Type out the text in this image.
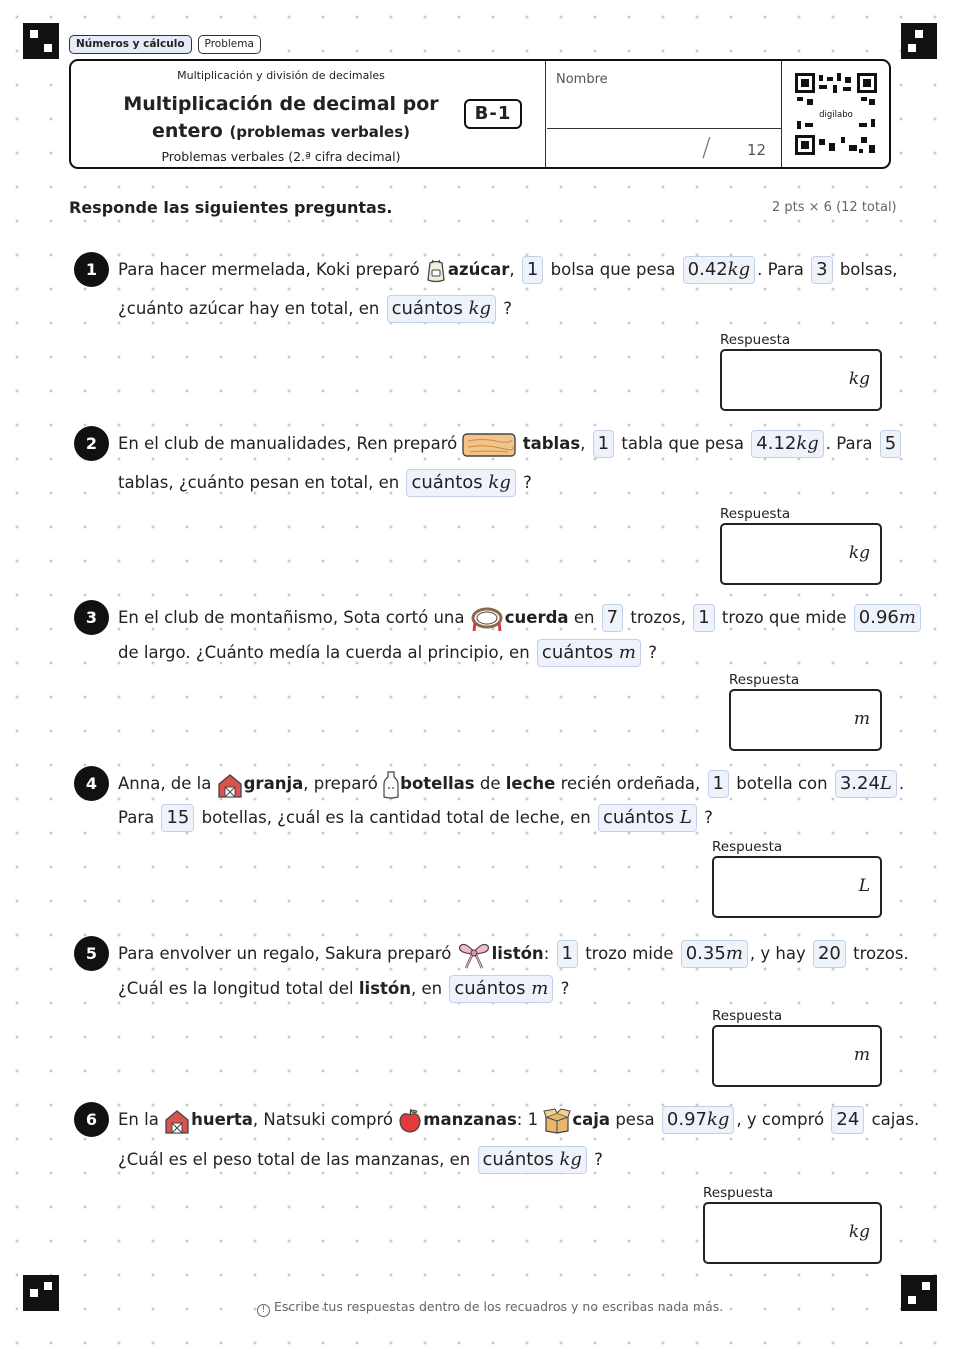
Números y cálculo	Problema
Multiplicación y división de decimales
Multiplicación de decimal por
entero (problemas verbales)
Problemas verbales (2.ª cifra decimal)
B-1
Nombre
/ 12
digilabo
Responde las siguientes preguntas.	2 pts × 6 (12 total)
1	Para hacer mermelada, Koki preparó azúcar, 1 bolsa que pesa 0.42kg . Para 3 bolsas,
¿cuánto azúcar hay en total, en cuántos kg ?
Respuesta
kg
2	En el club de manualidades, Ren preparó	tablas, 1 tabla que pesa 4.12kg . Para 5
tablas, ¿cuánto pesan en total, en cuántos kg ?
Respuesta
kg
3	En el club de montañismo, Sota cortó una cuerda en 7 trozos, 1 trozo que mide 0.96m
de largo. ¿Cuánto medía la cuerda al principio, en cuántos m ?
Respuesta
m
4	Anna, de la granja, preparó botellas de leche recién ordeñada, 1 botella con 3.24L .
Para 15 botellas, ¿cuál es la cantidad total de leche, en cuántos L ?
Respuesta
L
5	Para envolver un regalo, Sakura preparó listón: 1 trozo mide 0.35m , y hay 20 trozos.
¿Cuál es la longitud total del listón, en cuántos m ?
Respuesta
m
6	En la huerta, Natsuki compró manzanas: 1 caja pesa 0.97kg , y compró 24 cajas.
¿Cuál es el peso total de las manzanas, en cuántos kg ?
Respuesta
kg
! Escribe tus respuestas dentro de los recuadros y no escribas nada más.
